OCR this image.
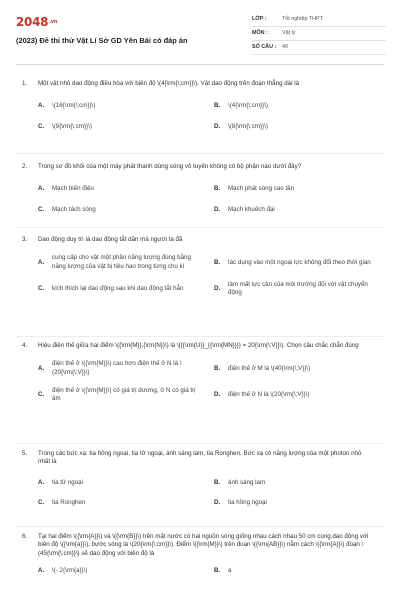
2048.vn
(2023) Đề thi thử Vật Lí Sở GD Yên Bái có đáp án
LỚP :	Tốt nghiệp THPT
MÔN :	Vật lý
SỐ CÂU :	40
1.	Một vật nhỏ dao động điều hòa với biên độ \(4{\rm{\;cm}}\). Vật dao động trên đoạn thẳng dài là
A.	\(16{\rm{\;cm}}\)	B.	\(4{\rm{\;cm}}\)
C.	\(9{\rm{\;cm}}\)	D.	\(8{\rm{\;cm}}\)
2.	Trong sơ đồ khối của một máy phát thanh dùng sóng vô tuyến không có bộ phận nào dưới đây?
A.	Mạch biến điệu	B.	Mạch phát sóng cao tần
C.	Mạch tách sóng	D.	Mạch khuếch đại
3.	Dao động duy trì là dao động tắt dần mà người ta đã
A.
cung cấp cho vật một phần năng lượng đúng bằng năng lượng của vật bị tiêu hao trong từng chu kì
B.	tác dụng vào một ngoại lực không đổi theo thời gian
C.	kích thích lại dao động sau khi dao động tắt hẳn	D.
làm mất lực cản của môi trường đối với vật chuyển động
4.	Hiệu điện thế giữa hai điểm \({\rm{M}},{\rm{N}}\) là \({{\rm{U}}_{{\rm{MN}}}} = 20{\rm{\;V}}\). Chọn câu chắc chắn đúng
A.
điện thế ở \({\rm{M}}\) cao hơn điện thế ở N là \(20{\rm{\;V}}\)
B.	điện thế ở M là \(40{\rm{\;V}}\)
C.
điện thế ở \({\rm{M}}\) có giá trị dương, ở N có giá trị âm
D.	điện thế ở N là \(20{\rm{\;V}}\)
5.	Trong các bức xạ: tia hồng ngoại, tia tử ngoại, ánh sáng lam, tia Ronghen. Bức xạ có năng lượng của một photon nhỏ nhất là
A.	tia tử ngoại	B.	ánh sáng lam
C.	tia Ronghen	D.	tia hồng ngoại
6.	Tại hai điểm \({\rm{A}}\) và \({\rm{B}}\) trên mặt nước có hai nguồn sóng giống nhau cách nhau 50 cm cùng dao động với biên độ \({\rm{a}}\), bước sóng là \(20{\rm{\;cm}}\). Điểm \({\rm{M}}\) trên đoạn \({\rm{AB}}\) nằm cách \({\rm{A}}\) đoạn \(45{\rm{\;cm}}\) sẽ dao động với biên độ là
A.	\(- 2{\rm{a}}\)	B.	a
